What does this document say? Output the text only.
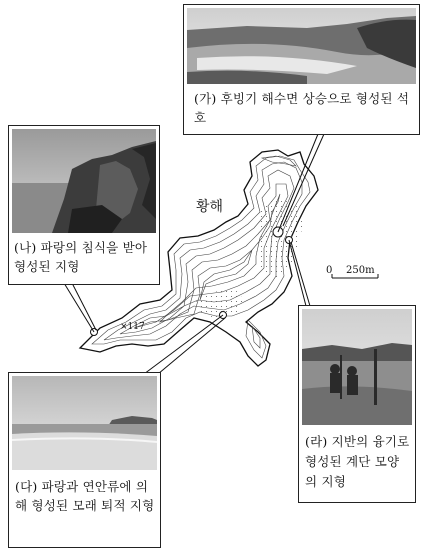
황해
0 250m
×117
(가) 후빙기 해수면 상승으로 형성된 석호
(나) 파랑의 침식을 받아 형성된 지형
(다) 파랑과 연안류에 의해 형성된 모래 퇴적 지형
(라) 지반의 융기로 형성된 계단 모양의 지형
